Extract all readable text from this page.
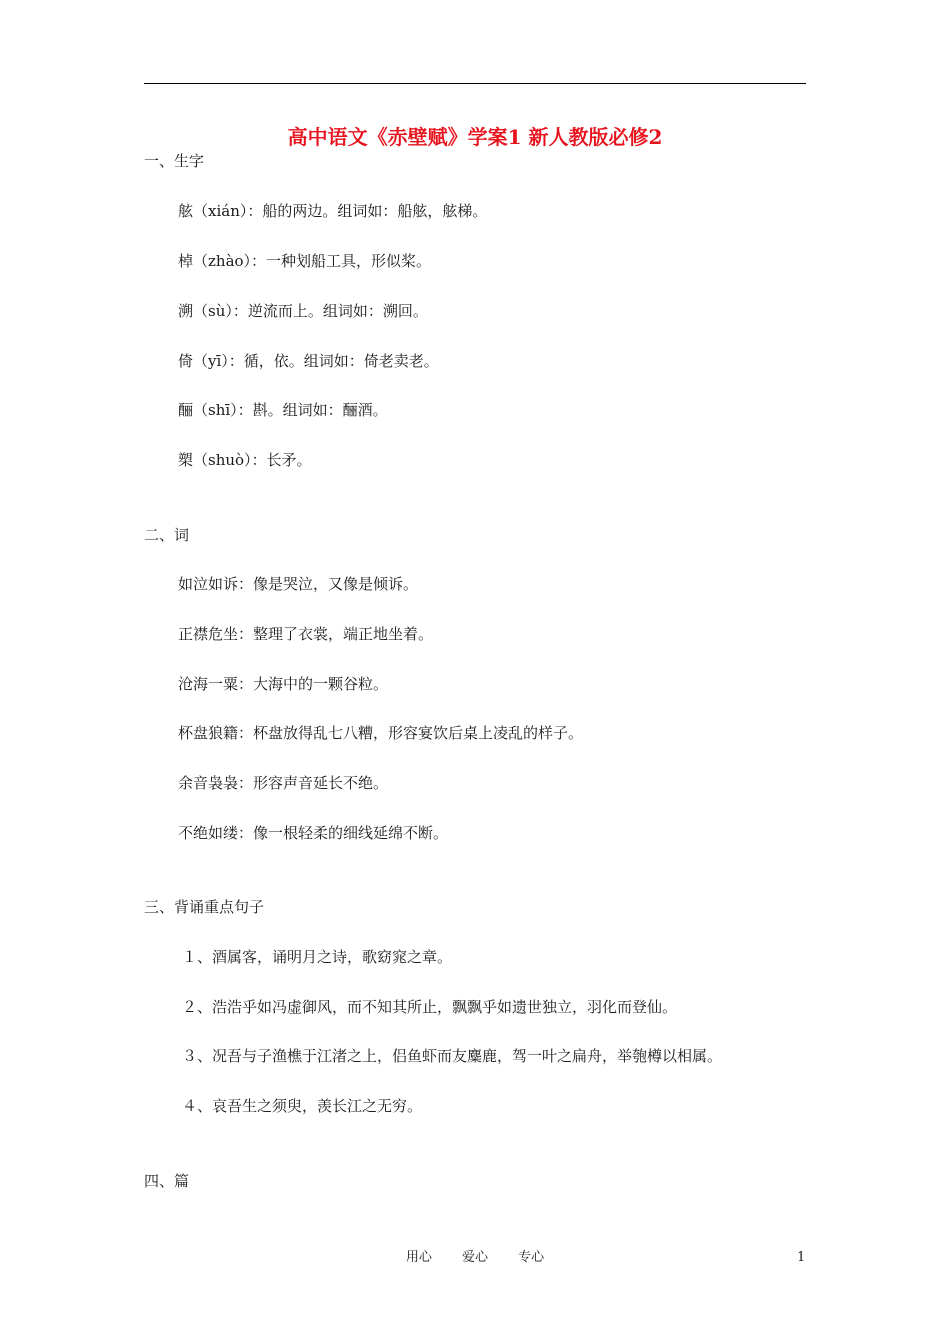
高中语文《赤壁赋》学案1 新人教版必修2
一、生字
舷（xián）：船的两边。组词如：船舷，舷梯。
棹（zhào）：一种划船工具，形似桨。
溯（sù）：逆流而上。组词如：溯回。
倚（yī）：循，依。组词如：倚老卖老。
酾（shī）：斟。组词如：酾酒。
槊（shuò）：长矛。
二、词
如泣如诉：像是哭泣，又像是倾诉。
正襟危坐：整理了衣裳，端正地坐着。
沧海一粟：大海中的一颗谷粒。
杯盘狼籍：杯盘放得乱七八糟，形容宴饮后桌上凌乱的样子。
余音袅袅：形容声音延长不绝。
不绝如缕：像一根轻柔的细线延绵不断。
三、背诵重点句子
１、酒属客，诵明月之诗，歌窈窕之章。
２、浩浩乎如冯虚御风，而不知其所止，飘飘乎如遗世独立，羽化而登仙。
３、况吾与子渔樵于江渚之上，侣鱼虾而友麋鹿，驾一叶之扁舟，举匏樽以相属。
４、哀吾生之须臾，羡长江之无穷。
四、篇
用心 爱心 专心	1
